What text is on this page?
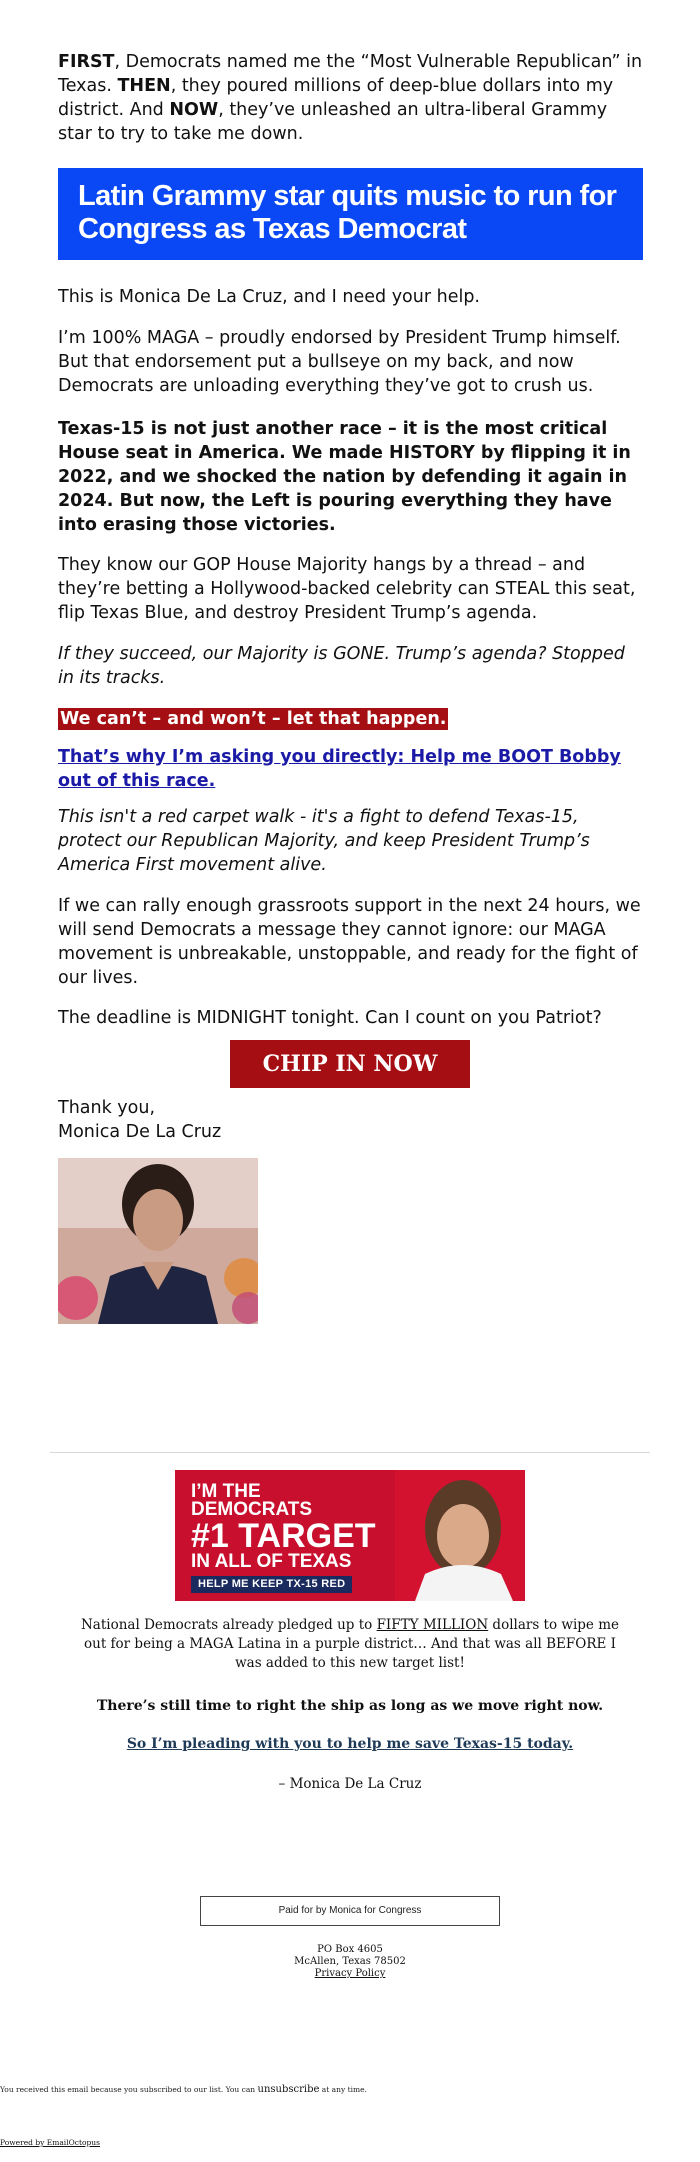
FIRST, Democrats named me the “Most Vulnerable Republican” in Texas. THEN, they poured millions of deep-blue dollars into my district. And NOW, they’ve unleashed an ultra-liberal Grammy star to try to take me down.

Latin Grammy star quits music to run for Congress as Texas Democrat

This is Monica De La Cruz, and I need your help.

I’m 100% MAGA – proudly endorsed by President Trump himself. But that endorsement put a bullseye on my back, and now Democrats are unloading everything they’ve got to crush us.

Texas-15 is not just another race – it is the most critical House seat in America. We made HISTORY by flipping it in 2022, and we shocked the nation by defending it again in 2024. But now, the Left is pouring everything they have into erasing those victories.

They know our GOP House Majority hangs by a thread – and they’re betting a Hollywood-backed celebrity can STEAL this seat, flip Texas Blue, and destroy President Trump’s agenda.

If they succeed, our Majority is GONE. Trump’s agenda? Stopped in its tracks.

We can’t – and won’t – let that happen.

That’s why I’m asking you directly: Help me BOOT Bobby out of this race.

This isn't a red carpet walk - it's a fight to defend Texas-15, protect our Republican Majority, and keep President Trump’s America First movement alive.

If we can rally enough grassroots support in the next 24 hours, we will send Democrats a message they cannot ignore: our MAGA movement is unbreakable, unstoppable, and ready for the fight of our lives.

The deadline is MIDNIGHT tonight. Can I count on you Patriot?

CHIP IN NOW

Thank you,

Monica De La Cruz

I’M THE
DEMOCRATS
#1 TARGET
IN ALL OF TEXAS
HELP ME KEEP TX-15 RED
National Democrats already pledged up to FIFTY MILLION dollars to wipe me out for being a MAGA Latina in a purple district… And that was all BEFORE I was added to this new target list!
There’s still time to right the ship as long as we move right now.
So I’m pleading with you to help me save Texas-15 today.
– Monica De La Cruz
Paid for by Monica for Congress
PO Box 4605
McAllen, Texas 78502
Privacy Policy
You received this email because you subscribed to our list. You can unsubscribe at any time.
Powered by EmailOctopus
